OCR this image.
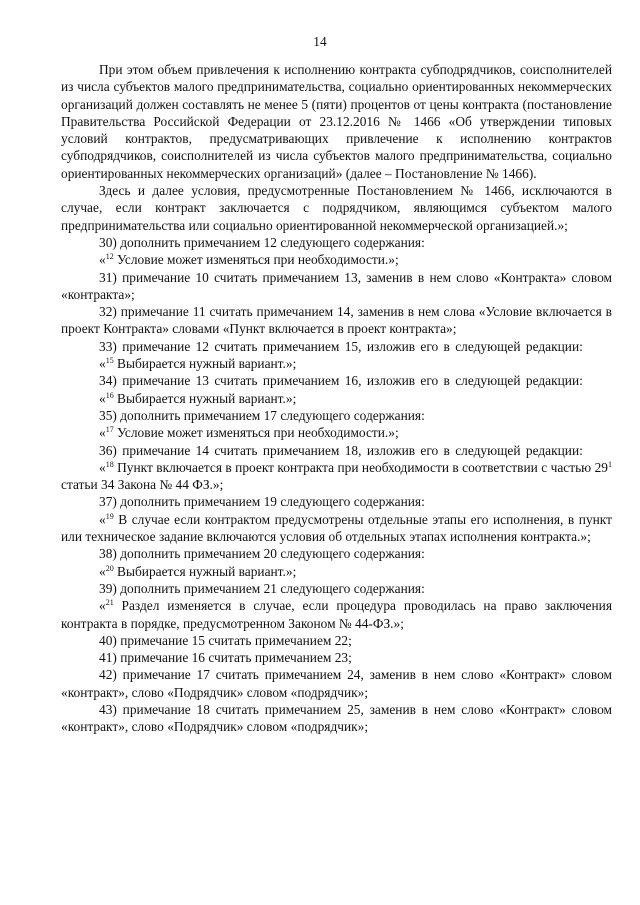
14

При этом объем привлечения к исполнению контракта субподрядчиков, соисполнителей из числа субъектов малого предпринимательства, социально ориентированных некоммерческих организаций должен составлять не менее 5 (пяти) процентов от цены контракта (постановление Правительства Российской Федерации от 23.12.2016 № 1466 «Об утверждении типовых условий контрактов, предусматривающих привлечение к исполнению контрактов субподрядчиков, соисполнителей из числа субъектов малого предпринимательства, социально ориентированных некоммерческих организаций» (далее – Постановление № 1466).

Здесь и далее условия, предусмотренные Постановлением № 1466, исключаются в случае, если контракт заключается с подрядчиком, являющимся субъектом малого предпринимательства или социально ориентированной некоммерческой организацией.»;

30) дополнить примечанием 12 следующего содержания:

«$^{12}$ Условие может изменяться при необходимости.»;

31) примечание 10 считать примечанием 13, заменив в нем слово «Контракта» словом «контракта»;

32) примечание 11 считать примечанием 14, заменив в нем слова «Условие включается в проект Контракта» словами «Пункт включается в проект контракта»;

33) примечание 12 считать примечанием 15, изложив его в следующей редакции:

«$^{15}$ Выбирается нужный вариант.»;

34) примечание 13 считать примечанием 16, изложив его в следующей редакции:

«$^{16}$ Выбирается нужный вариант.»;

35) дополнить примечанием 17 следующего содержания:

«$^{17}$ Условие может изменяться при необходимости.»;

36) примечание 14 считать примечанием 18, изложив его в следующей редакции:

«$^{18}$ Пункт включается в проект контракта при необходимости в соответствии с частью $29^1$ статьи 34 Закона № 44 ФЗ.»;

37) дополнить примечанием 19 следующего содержания:

«$^{19}$ В случае если контрактом предусмотрены отдельные этапы его исполнения, в пункт или техническое задание включаются условия об отдельных этапах исполнения контракта.»;

38) дополнить примечанием 20 следующего содержания:

«$^{20}$ Выбирается нужный вариант.»;

39) дополнить примечанием 21 следующего содержания:

«$^{21}$ Раздел изменяется в случае, если процедура проводилась на право заключения контракта в порядке, предусмотренном Законом № 44-ФЗ.»;

40) примечание 15 считать примечанием 22;

41) примечание 16 считать примечанием 23;

42) примечание 17 считать примечанием 24, заменив в нем слово «Контракт» словом «контракт», слово «Подрядчик» словом «подрядчик»;

43) примечание 18 считать примечанием 25, заменив в нем слово «Контракт» словом «контракт», слово «Подрядчик» словом «подрядчик»;
